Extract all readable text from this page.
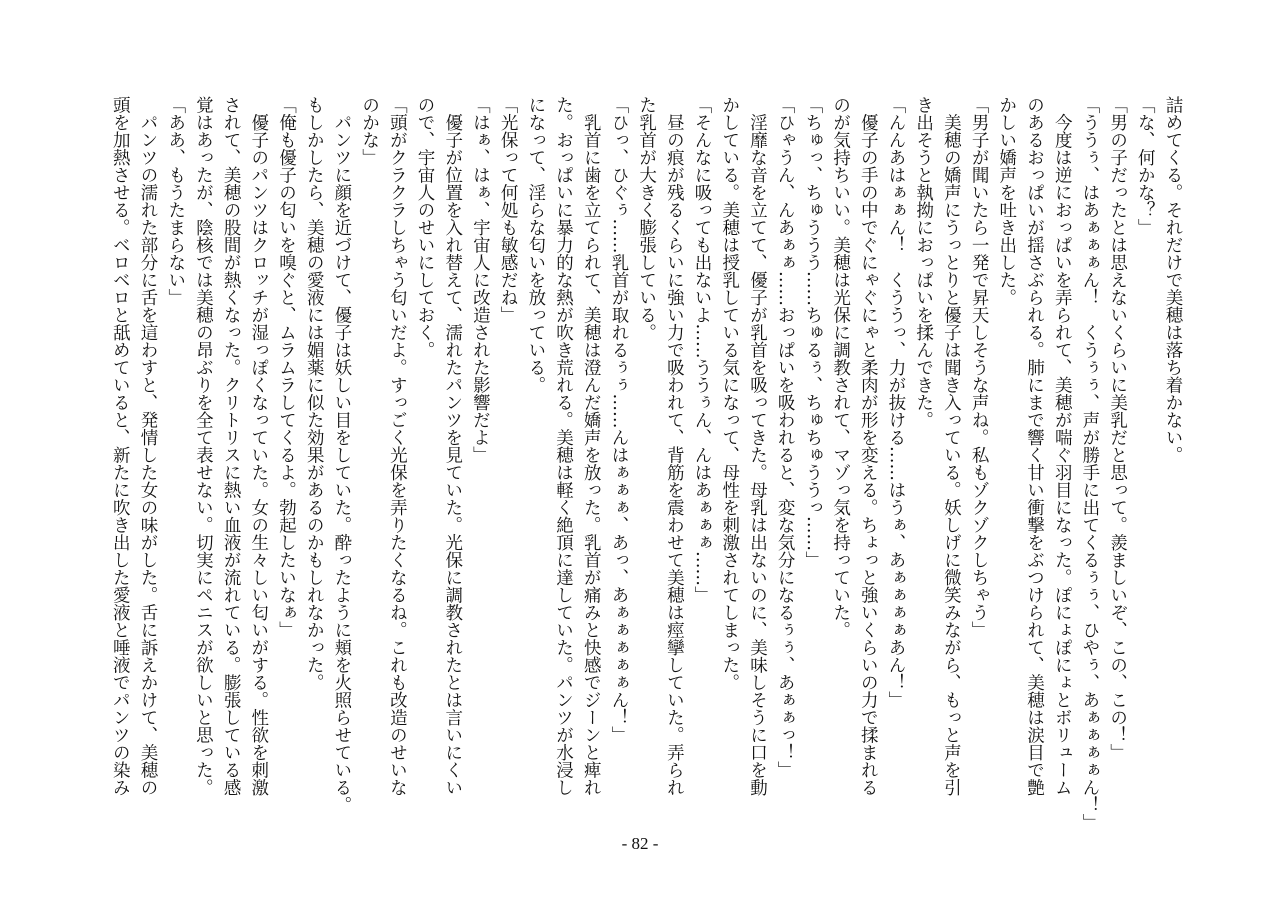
詰めてくる。それだけで美穂は落ち着かない。
「な、何かな？」
「男の子だったとは思えないくらいに美乳だと思って。羨ましいぞ、この、この！」
「ううぅ、はあぁぁぁん！　くうぅぅ、声が勝手に出てくるぅぅ、ひやぅ、あぁぁぁぁん！」
　今度は逆におっぱいを弄られて、美穂が喘ぐ羽目になった。ぽにょぽにょとボリューム
のあるおっぱいが揺さぶられる。肺にまで響く甘い衝撃をぶつけられて、美穂は涙目で艶
かしい嬌声を吐き出した。
「男子が聞いたら一発で昇天しそうな声ね。私もゾクゾクしちゃう」
　美穂の嬌声にうっとりと優子は聞き入っている。妖しげに微笑みながら、もっと声を引
き出そうと執拗におっぱいを揉んできた。
「んんあはぁぁん！　くううっ、力が抜ける……はうぁ、あぁぁぁぁあん！」
　優子の手の中でぐにゃぐにゃと柔肉が形を変える。ちょっと強いくらいの力で揉まれる
のが気持ちいい。美穂は光保に調教されて、マゾっ気を持っていた。
「ちゅっ、ちゅううう……ちゅるぅ、ちゅちゅううっ……」
「ひゃうん、んあぁぁ……おっぱいを吸われると、変な気分になるぅぅ、あぁぁっ！」
　淫靡な音を立てて、優子が乳首を吸ってきた。母乳は出ないのに、美味しそうに口を動
かしている。美穂は授乳している気になって、母性を刺激されてしまった。
「そんなに吸っても出ないよ……ううぅん、んはあぁぁぁ……」
　昼の痕が残るくらいに強い力で吸われて、背筋を震わせて美穂は痙攣していた。弄られ
た乳首が大きく膨張している。
「ひっ、ひぐぅ……乳首が取れるぅぅ……んはぁぁぁ、あっ、あぁぁぁぁぁん！」
　乳首に歯を立てられて、美穂は澄んだ嬌声を放った。乳首が痛みと快感でジーンと痺れ
た。おっぱいに暴力的な熱が吹き荒れる。美穂は軽く絶頂に達していた。パンツが水浸し
になって、淫らな匂いを放っている。
「光保って何処も敏感だね」
「はぁ、はぁ、宇宙人に改造された影響だよ」
　優子が位置を入れ替えて、濡れたパンツを見ていた。光保に調教されたとは言いにくい
ので、宇宙人のせいにしておく。
「頭がクラクラしちゃう匂いだよ。すっごく光保を弄りたくなるね。これも改造のせいな
のかな」
　パンツに顔を近づけて、優子は妖しい目をしていた。酔ったように頬を火照らせている。
もしかしたら、美穂の愛液には媚薬に似た効果があるのかもしれなかった。
「俺も優子の匂いを嗅ぐと、ムラムラしてくるよ。勃起したいなぁ」
　優子のパンツはクロッチが湿っぽくなっていた。女の生々しい匂いがする。性欲を刺激
されて、美穂の股間が熱くなった。クリトリスに熱い血液が流れている。膨張している感
覚はあったが、陰核では美穂の昂ぶりを全て表せない。切実にペニスが欲しいと思った。
「ああ、もうたまらない」
　パンツの濡れた部分に舌を這わすと、発情した女の味がした。舌に訴えかけて、美穂の
頭を加熱させる。ベロベロと舐めていると、新たに吹き出した愛液と唾液でパンツの染み
- 82 -
